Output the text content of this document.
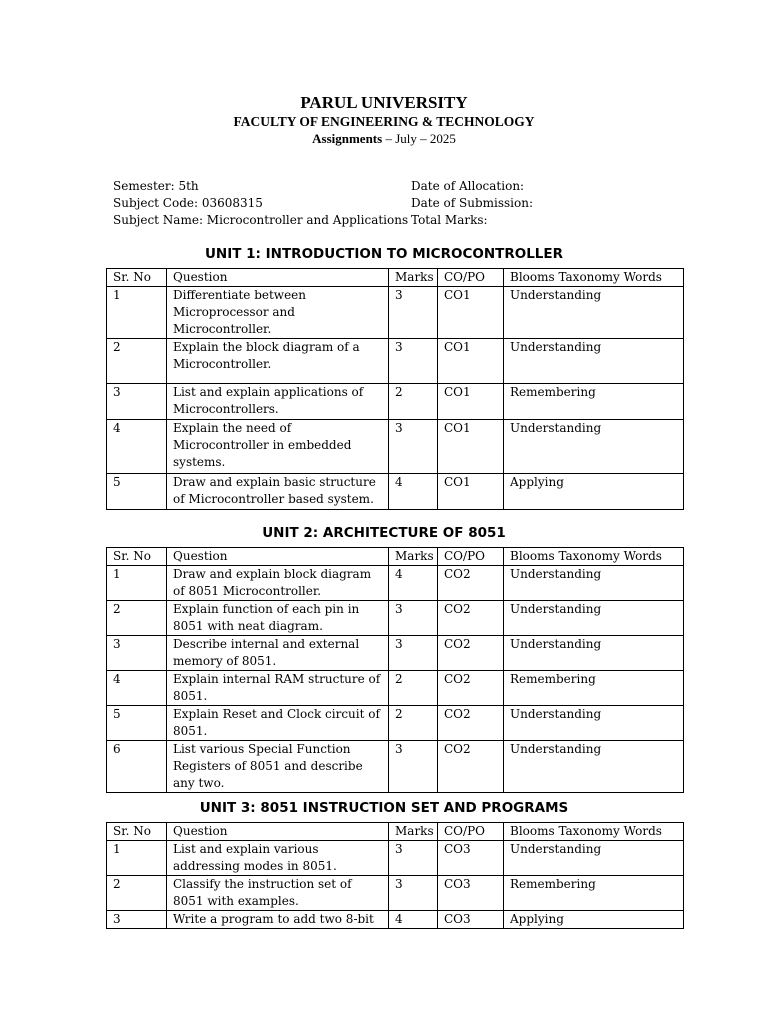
PARUL UNIVERSITY
FACULTY OF ENGINEERING & TECHNOLOGY
Assignments – July – 2025
Semester: 5th
Subject Code: 03608315
Subject Name: Microcontroller and Applications
Date of Allocation:
Date of Submission:
Total Marks:
UNIT 1: INTRODUCTION TO MICROCONTROLLER
Sr. No	Question	Marks	CO/PO	Blooms Taxonomy Words
1	Differentiate between Microprocessor and Microcontroller.	3	CO1	Understanding
2	Explain the block diagram of a Microcontroller.	3	CO1	Understanding
3	List and explain applications of Microcontrollers.	2	CO1	Remembering
4	Explain the need of Microcontroller in embedded systems.	3	CO1	Understanding
5	Draw and explain basic structure of Microcontroller based system.	4	CO1	Applying
UNIT 2: ARCHITECTURE OF 8051
Sr. No	Question	Marks	CO/PO	Blooms Taxonomy Words
1	Draw and explain block diagram of 8051 Microcontroller.	4	CO2	Understanding
2	Explain function of each pin in 8051 with neat diagram.	3	CO2	Understanding
3	Describe internal and external memory of 8051.	3	CO2	Understanding
4	Explain internal RAM structure of 8051.	2	CO2	Remembering
5	Explain Reset and Clock circuit of 8051.	2	CO2	Understanding
6	List various Special Function Registers of 8051 and describe any two.	3	CO2	Understanding
UNIT 3: 8051 INSTRUCTION SET AND PROGRAMS
Sr. No	Question	Marks	CO/PO	Blooms Taxonomy Words
1	List and explain various addressing modes in 8051.	3	CO3	Understanding
2	Classify the instruction set of 8051 with examples.	3	CO3	Remembering
3	Write a program to add two 8-bit	4	CO3	Applying
